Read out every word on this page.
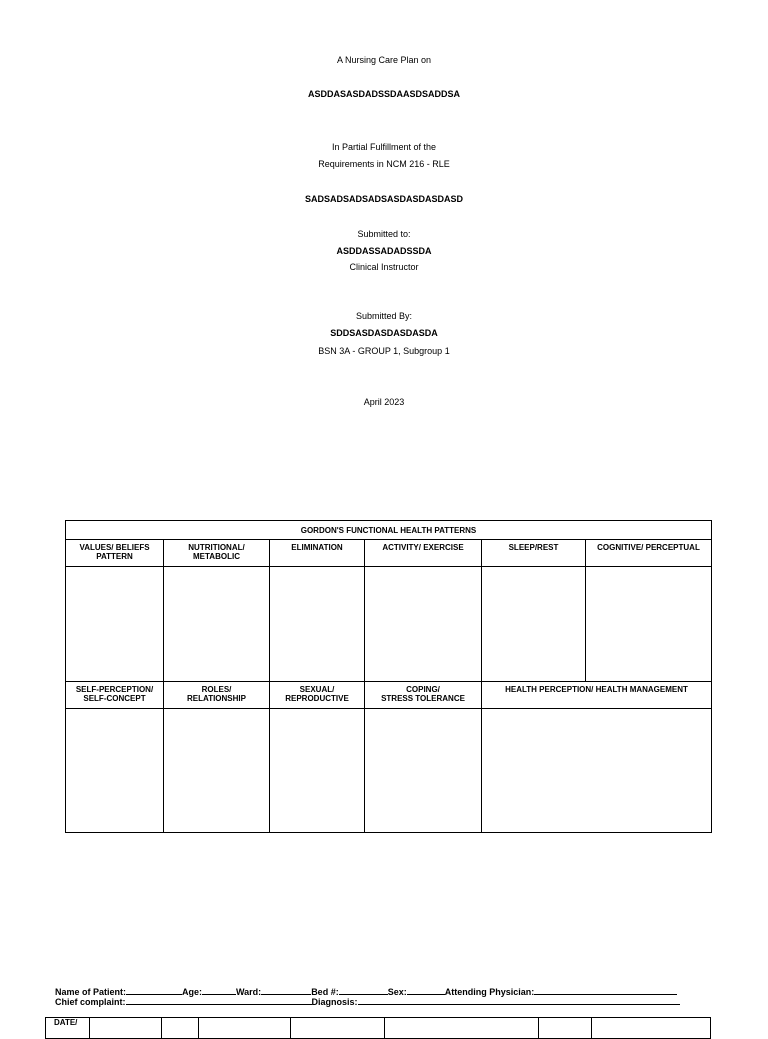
A Nursing Care Plan on
ASDDASASDADSSDAASDSADDSA
In Partial Fulfillment of the
Requirements in NCM 216 - RLE
SADSADSADSADSASDASDASDASD
Submitted to:
ASDDASSADADSSDA
Clinical Instructor
Submitted By:
SDDSASDASDASDASDA
BSN 3A - GROUP 1, Subgroup 1
April 2023
GORDON'S FUNCTIONAL HEALTH PATTERNS					
VALUES/ BELIEFS
PATTERN	NUTRITIONAL/
METABOLIC	ELIMINATION	ACTIVITY/ EXERCISE	SLEEP/REST	COGNITIVE/ PERCEPTUAL

SELF-PERCEPTION/
SELF-CONCEPT	ROLES/
RELATIONSHIP	SEXUAL/
REPRODUCTIVE	COPING/
STRESS TOLERANCE	HEALTH PERCEPTION/ HEALTH MANAGEMENT	

Name of Patient:	Age:	Ward:	Bed #:	Sex:	Attending Physician:
Chief complaint:	Diagnosis:
DATE/							
